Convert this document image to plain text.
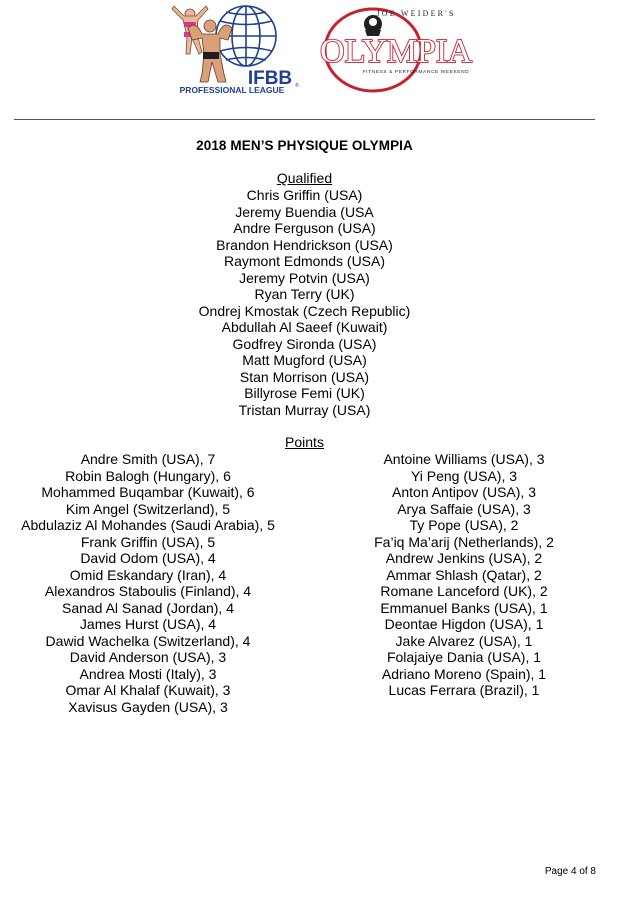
IFBB ®
PROFESSIONAL LEAGUE
JOE WEIDER'S
OLYMPIA
FITNESS & PERFORMANCE WEEKEND
2018 MEN’S PHYSIQUE OLYMPIA
Qualified
Chris Griffin (USA)
Jeremy Buendia (USA
Andre Ferguson (USA)
Brandon Hendrickson (USA)
Raymont Edmonds (USA)
Jeremy Potvin (USA)
Ryan Terry (UK)
Ondrej Kmostak (Czech Republic)
Abdullah Al Saeef (Kuwait)
Godfrey Sironda (USA)
Matt Mugford (USA)
Stan Morrison (USA)
Billyrose Femi (UK)
Tristan Murray (USA)
Points
Andre Smith (USA), 7
Robin Balogh (Hungary), 6
Mohammed Buqambar (Kuwait), 6
Kim Angel (Switzerland), 5
Abdulaziz Al Mohandes (Saudi Arabia), 5
Frank Griffin (USA), 5
David Odom (USA), 4
Omid Eskandary (Iran), 4
Alexandros Staboulis (Finland), 4
Sanad Al Sanad (Jordan), 4
James Hurst (USA), 4
Dawid Wachelka (Switzerland), 4
David Anderson (USA), 3
Andrea Mosti (Italy), 3
Omar Al Khalaf (Kuwait), 3
Xavisus Gayden (USA), 3
Antoine Williams (USA), 3
Yi Peng (USA), 3
Anton Antipov (USA), 3
Arya Saffaie (USA), 3
Ty Pope (USA), 2
Fa’iq Ma’arij (Netherlands), 2
Andrew Jenkins (USA), 2
Ammar Shlash (Qatar), 2
Romane Lanceford (UK), 2
Emmanuel Banks (USA), 1
Deontae Higdon (USA), 1
Jake Alvarez (USA), 1
Folajaiye Dania (USA), 1
Adriano Moreno (Spain), 1
Lucas Ferrara (Brazil), 1
Page 4 of 8
